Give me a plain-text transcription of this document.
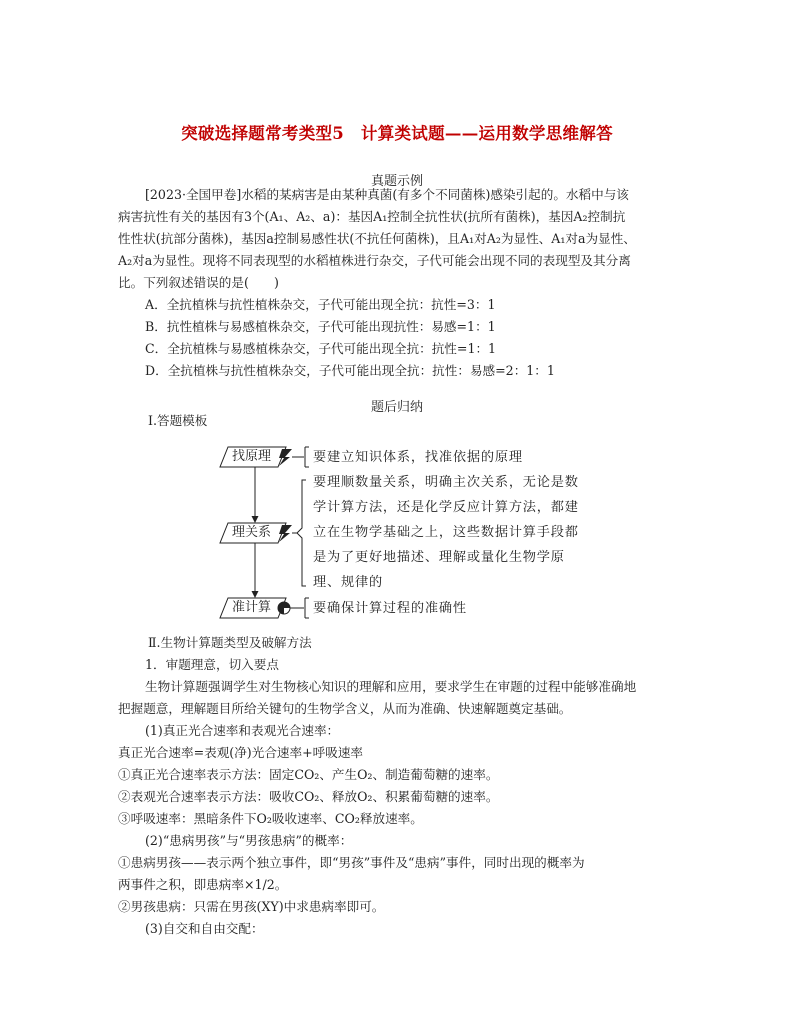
突破选择题常考类型5　计算类试题——运用数学思维解答
真题示例
[2023·全国甲卷]水稻的某病害是由某种真菌(有多个不同菌株)感染引起的。水稻中与该
病害抗性有关的基因有3个(A₁、A₂、a)：基因A₁控制全抗性状(抗所有菌株)，基因A₂控制抗
性性状(抗部分菌株)，基因a控制易感性状(不抗任何菌株)，且A₁对A₂为显性、A₁对a为显性、
A₂对a为显性。现将不同表现型的水稻植株进行杂交，子代可能会出现不同的表现型及其分离
比。下列叙述错误的是(　　)
A．全抗植株与抗性植株杂交，子代可能出现全抗：抗性=3：1
B．抗性植株与易感植株杂交，子代可能出现抗性：易感=1：1
C．全抗植株与易感植株杂交，子代可能出现全抗：抗性=1：1
D．全抗植株与抗性植株杂交，子代可能出现全抗：抗性：易感=2：1：1
题后归纳
Ⅰ.答题模板
找原理	要建立知识体系，找准依据的原理
理关系
要理顺数量关系，明确主次关系，无论是数
学计算方法，还是化学反应计算方法，都建
立在生物学基础之上，这些数据计算手段都
是为了更好地描述、理解或量化生物学原
理、规律的
准计算	要确保计算过程的准确性
Ⅱ.生物计算题类型及破解方法
1．审题理意，切入要点
生物计算题强调学生对生物核心知识的理解和应用，要求学生在审题的过程中能够准确地
把握题意，理解题目所给关键句的生物学含义，从而为准确、快速解题奠定基础。
(1)真正光合速率和表观光合速率：
真正光合速率=表观(净)光合速率+呼吸速率
①真正光合速率表示方法：固定CO₂、产生O₂、制造葡萄糖的速率。
②表观光合速率表示方法：吸收CO₂、释放O₂、积累葡萄糖的速率。
③呼吸速率：黑暗条件下O₂吸收速率、CO₂释放速率。
(2)“患病男孩”与“男孩患病”的概率：
①患病男孩——表示两个独立事件，即“男孩”事件及“患病”事件，同时出现的概率为
两事件之积，即患病率×1/2。
②男孩患病：只需在男孩(XY)中求患病率即可。
(3)自交和自由交配：
